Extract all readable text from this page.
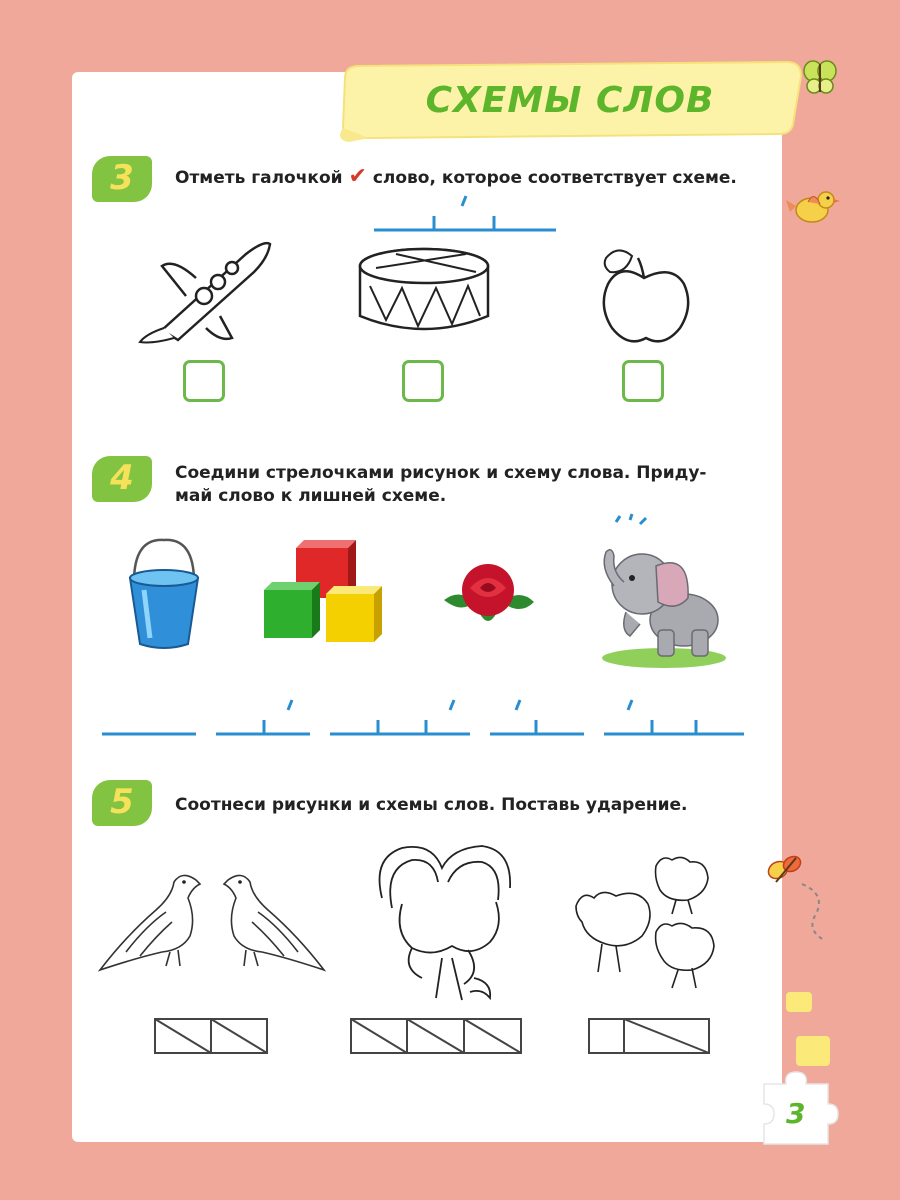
СХЕМЫ СЛОВ
3	Отметь галочкой ✔ слово, которое соответствует схеме.
4	Соедини стрелочками рисунок и схему слова. Приду-
май слово к лишней схеме.
5	Соотнеси рисунки и схемы слов. Поставь ударение.
3
